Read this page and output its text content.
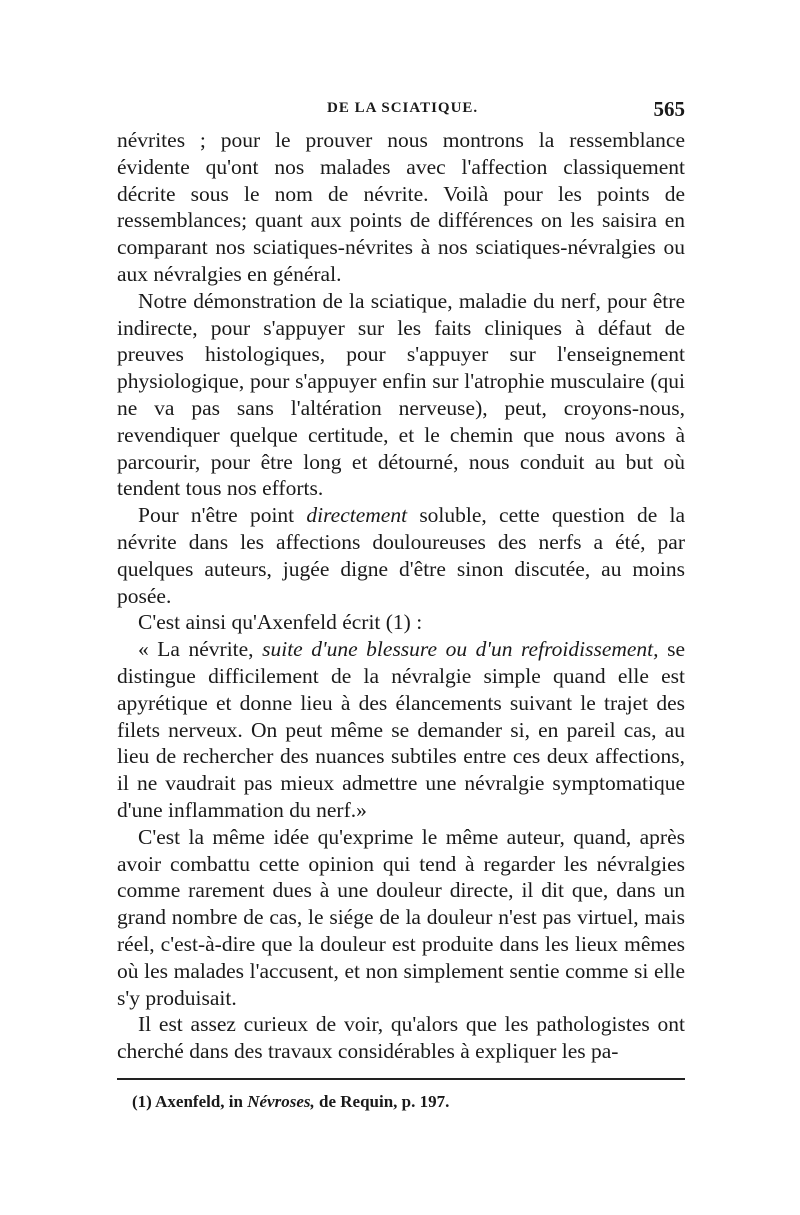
DE LA SCIATIQUE.	565

névrites ; pour le prouver nous montrons la ressemblance évidente qu'ont nos malades avec l'affection classiquement décrite sous le nom de névrite. Voilà pour les points de ressemblances; quant aux points de différences on les saisira en comparant nos sciatiques-névrites à nos sciatiques-névralgies ou aux névralgies en général.

Notre démonstration de la sciatique, maladie du nerf, pour être indirecte, pour s'appuyer sur les faits cliniques à défaut de preuves histologiques, pour s'appuyer sur l'enseignement physiologique, pour s'appuyer enfin sur l'atrophie musculaire (qui ne va pas sans l'altération nerveuse), peut, croyons-nous, revendiquer quelque certitude, et le chemin que nous avons à parcourir, pour être long et détourné, nous conduit au but où tendent tous nos efforts.

Pour n'être point directement soluble, cette question de la névrite dans les affections douloureuses des nerfs a été, par quelques auteurs, jugée digne d'être sinon discutée, au moins posée.

C'est ainsi qu'Axenfeld écrit (1) :

« La névrite, suite d'une blessure ou d'un refroidissement, se distingue difficilement de la névralgie simple quand elle est apyrétique et donne lieu à des élancements suivant le trajet des filets nerveux. On peut même se demander si, en pareil cas, au lieu de rechercher des nuances subtiles entre ces deux affections, il ne vaudrait pas mieux admettre une névralgie symptomatique d'une inflammation du nerf.»

C'est la même idée qu'exprime le même auteur, quand, après avoir combattu cette opinion qui tend à regarder les névralgies comme rarement dues à une douleur directe, il dit que, dans un grand nombre de cas, le siége de la douleur n'est pas virtuel, mais réel, c'est-à-dire que la douleur est produite dans les lieux mêmes où les malades l'accusent, et non simplement sentie comme si elle s'y produisait.

Il est assez curieux de voir, qu'alors que les pathologistes ont cherché dans des travaux considérables à expliquer les pa-

(1) Axenfeld, in Névroses, de Requin, p. 197.
